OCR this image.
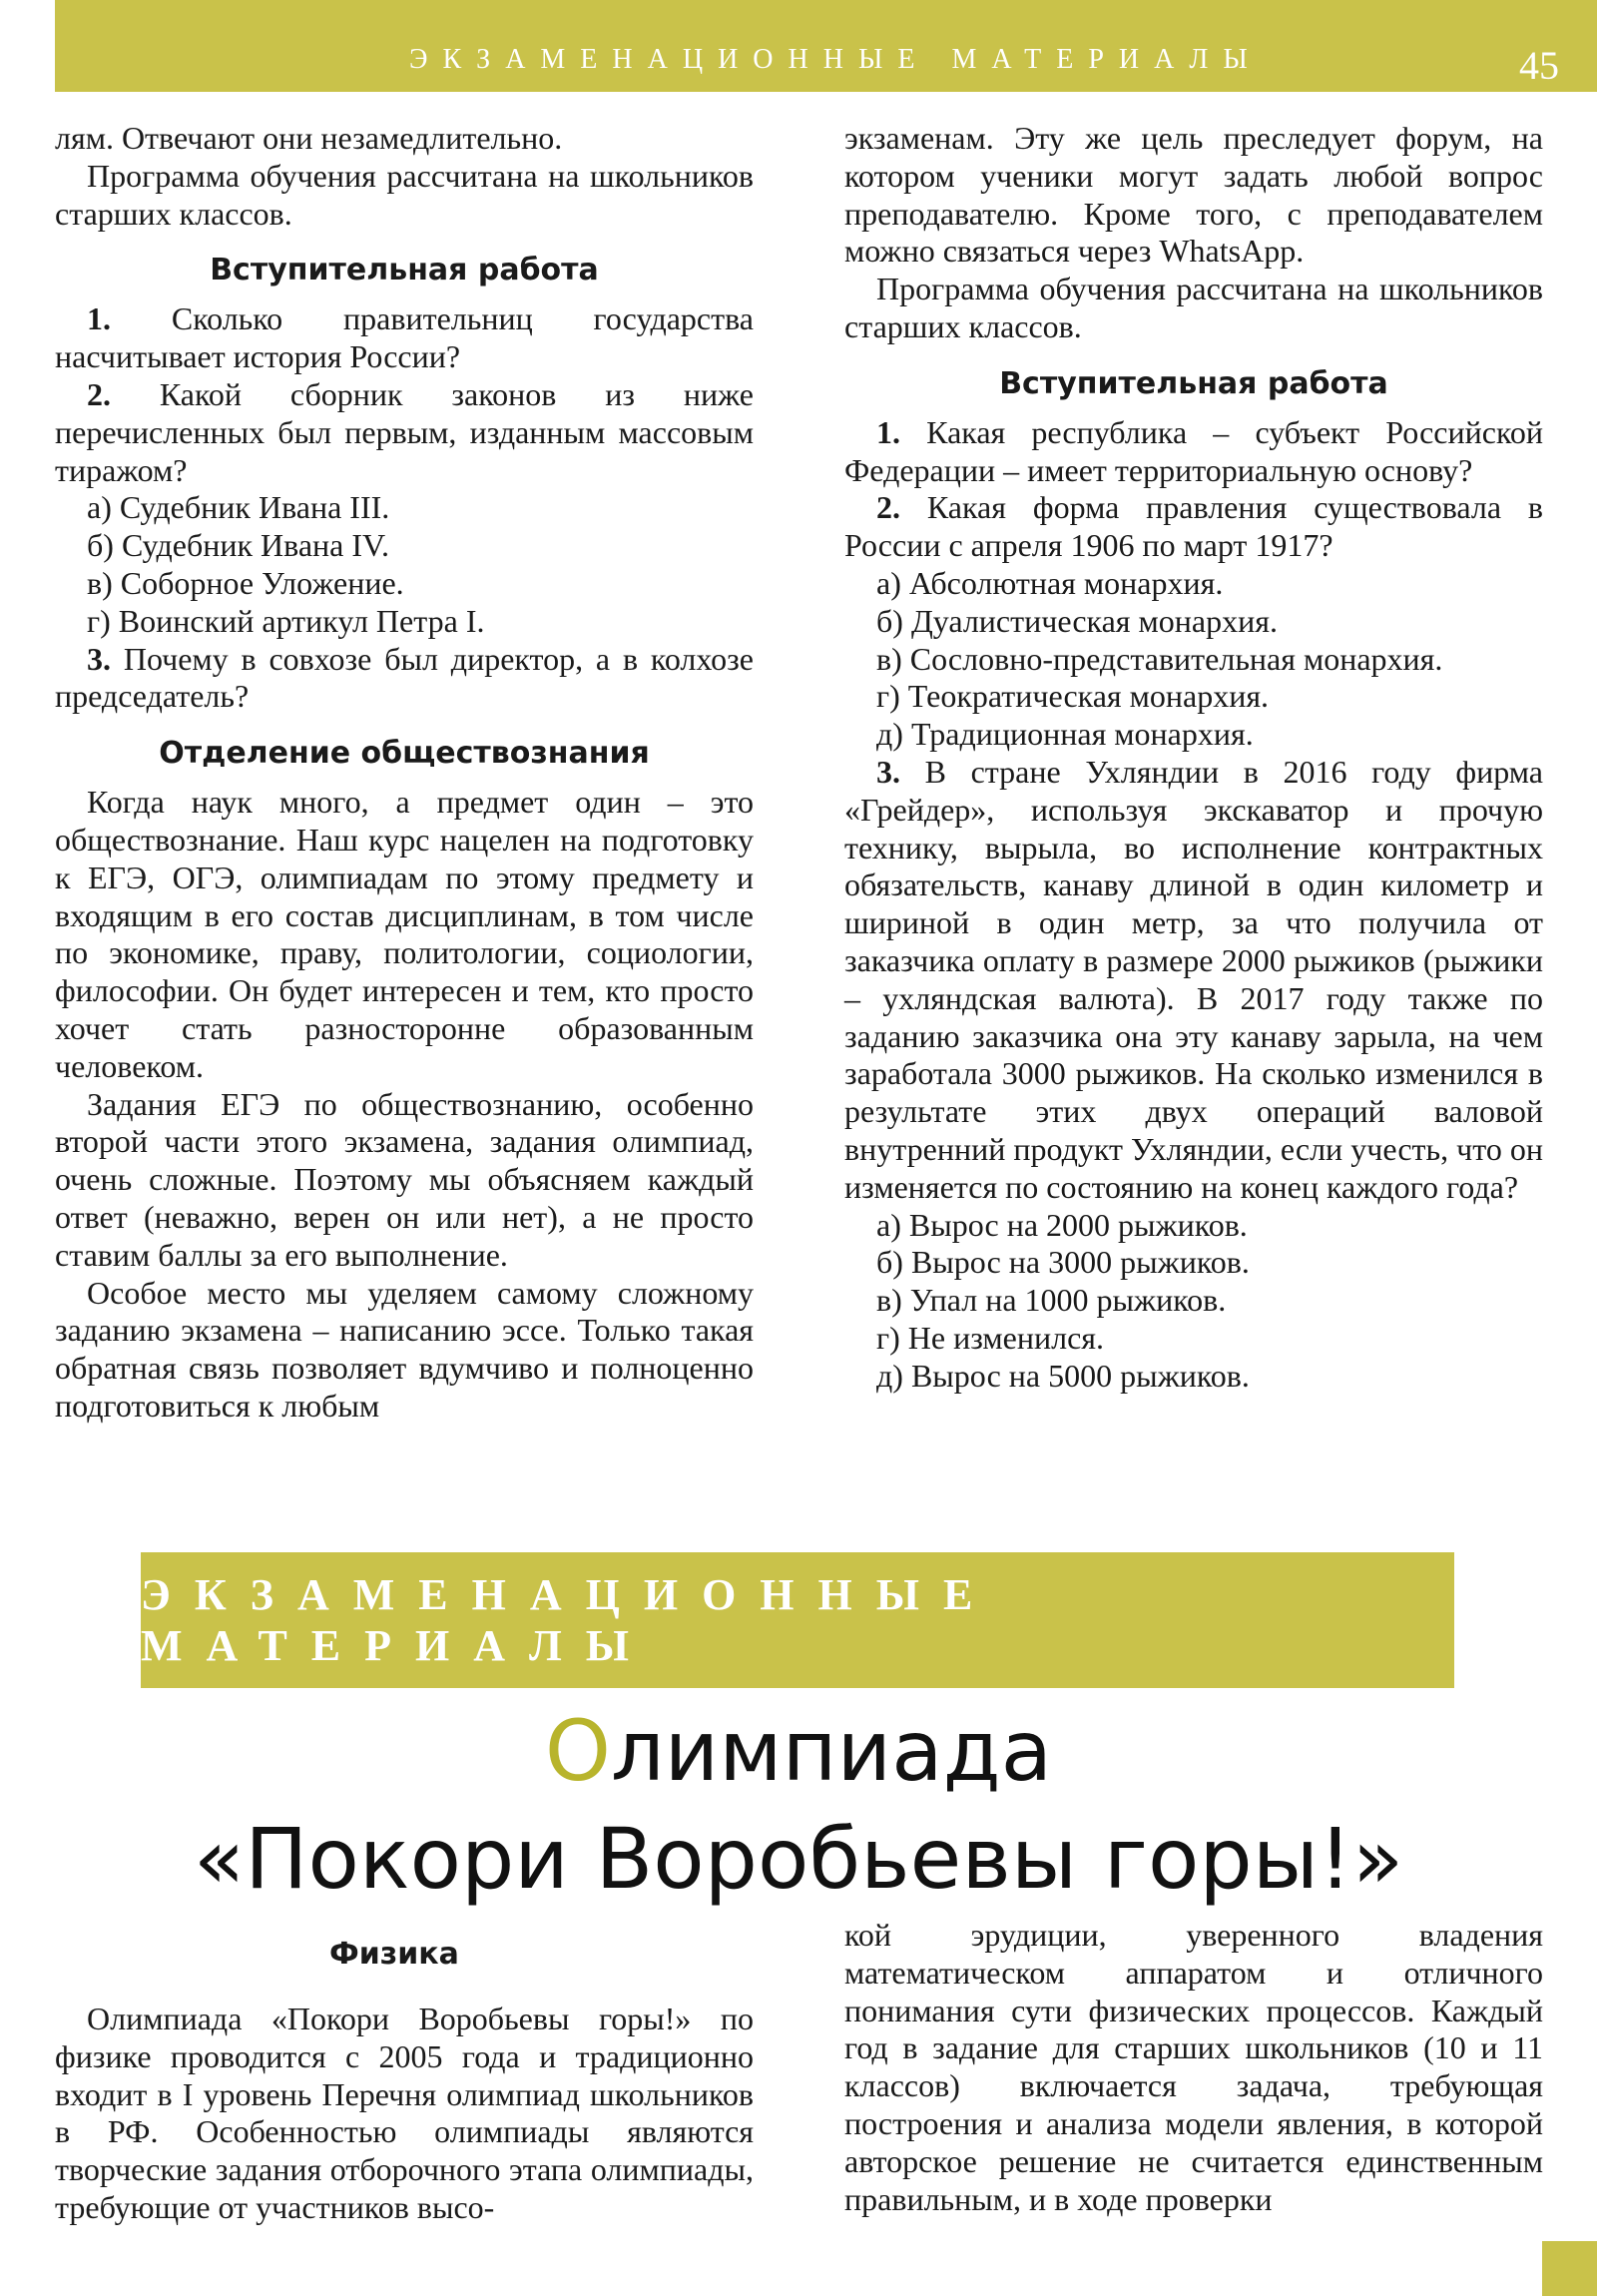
ЭКЗАМЕНАЦИОННЫЕ МАТЕРИАЛЫ	45

лям. Отвечают они незамедлительно.

Программа обучения рассчитана на школьников старших классов.

Вступительная работа

1. Сколько правительниц государства насчитывает история России?

2. Какой сборник законов из ниже перечисленных был первым, изданным массовым тиражом?

а) Судебник Ивана III.

б) Судебник Ивана IV.

в) Соборное Уложение.

г) Воинский артикул Петра I.

3. Почему в совхозе был директор, а в колхозе председатель?

Отделение обществознания

Когда наук много, а предмет один – это обществознание. Наш курс нацелен на подготовку к ЕГЭ, ОГЭ, олимпиадам по этому предмету и входящим в его состав дисциплинам, в том числе по экономике, праву, политологии, социологии, философии. Он будет интересен и тем, кто просто хочет стать разносторонне образованным человеком.

Задания ЕГЭ по обществознанию, особенно второй части этого экзамена, задания олимпиад, очень сложные. Поэтому мы объясняем каждый ответ (неважно, верен он или нет), а не просто ставим баллы за его выполнение.

Особое место мы уделяем самому сложному заданию экзамена – написанию эссе. Только такая обратная связь позволяет вдумчиво и полноценно подготовиться к любым

экзаменам. Эту же цель преследует форум, на котором ученики могут задать любой вопрос преподавателю. Кроме того, с преподавателем можно связаться через WhatsApp.

Программа обучения рассчитана на школьников старших классов.

Вступительная работа

1. Какая республика – субъект Российской Федерации – имеет территориальную основу?

2. Какая форма правления существовала в России с апреля 1906 по март 1917?

а) Абсолютная монархия.

б) Дуалистическая монархия.

в) Сословно-представительная монархия.

г) Теократическая монархия.

д) Традиционная монархия.

3. В стране Ухляндии в 2016 году фирма «Грейдер», используя экскаватор и прочую технику, вырыла, во исполнение контрактных обязательств, канаву длиной в один километр и шириной в один метр, за что получила от заказчика оплату в размере 2000 рыжиков (рыжики – ухляндская валюта). В 2017 году также по заданию заказчика она эту канаву зарыла, на чем заработала 3000 рыжиков. На сколько изменился в результате этих двух операций валовой внутренний продукт Ухляндии, если учесть, что он изменяется по состоянию на конец каждого года?

а) Вырос на 2000 рыжиков.

б) Вырос на 3000 рыжиков.

в) Упал на 1000 рыжиков.

г) Не изменился.

д) Вырос на 5000 рыжиков.

ЭКЗАМЕНАЦИОННЫЕ МАТЕРИАЛЫ
Олимпиада
«Покори Воробьевы горы!»
Физика

Олимпиада «Покори Воробьевы горы!» по физике проводится с 2005 года и традиционно входит в I уровень Перечня олимпиад школьников в РФ. Особенностью олимпиады являются творческие задания отборочного этапа олимпиады, требующие от участников высо-

кой эрудиции, уверенного владения математическом аппаратом и отличного понимания сути физических процессов. Каждый год в задание для старших школьников (10 и 11 классов) включается задача, требующая построения и анализа модели явления, в которой авторское решение не считается единственным правильным, и в ходе проверки
